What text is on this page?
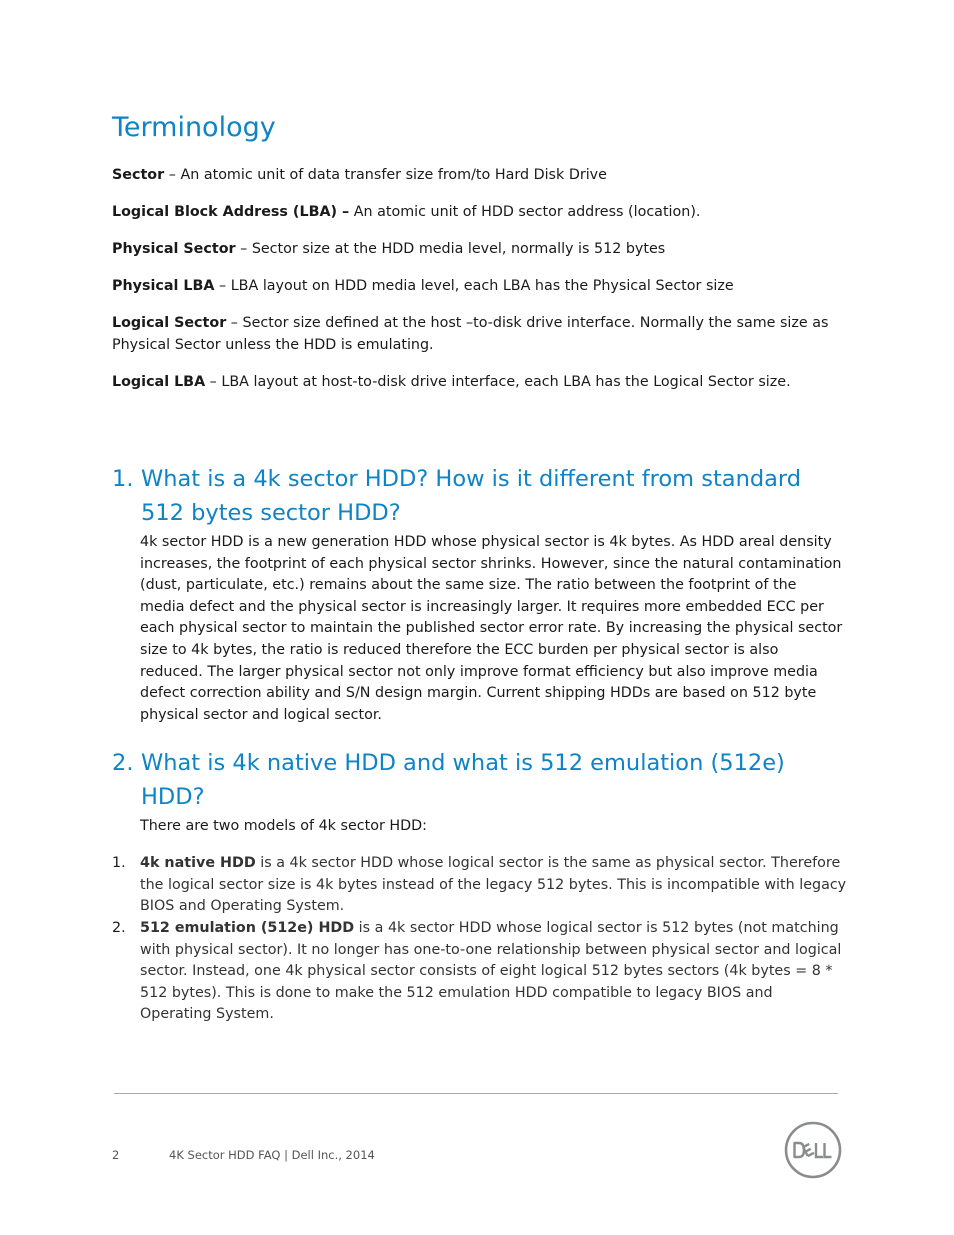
Terminology

Sector – An atomic unit of data transfer size from/to Hard Disk Drive

Logical Block Address (LBA) – An atomic unit of HDD sector address (location).

Physical Sector – Sector size at the HDD media level, normally is 512 bytes

Physical LBA – LBA layout on HDD media level, each LBA has the Physical Sector size

Logical Sector – Sector size defined at the host –to-disk drive interface. Normally the same size as Physical Sector unless the HDD is emulating.

Logical LBA – LBA layout at host-to-disk drive interface, each LBA has the Logical Sector size.

1. What is a 4k sector HDD? How is it different from standard 512 bytes sector HDD?

4k sector HDD is a new generation HDD whose physical sector is 4k bytes. As HDD areal density increases, the footprint of each physical sector shrinks. However, since the natural contamination (dust, particulate, etc.) remains about the same size. The ratio between the footprint of the media defect and the physical sector is increasingly larger. It requires more embedded ECC per each physical sector to maintain the published sector error rate. By increasing the physical sector size to 4k bytes, the ratio is reduced therefore the ECC burden per physical sector is also reduced. The larger physical sector not only improve format efficiency but also improve media defect correction ability and S/N design margin. Current shipping HDDs are based on 512 byte physical sector and logical sector.

2. What is 4k native HDD and what is 512 emulation (512e) HDD?

There are two models of 4k sector HDD:

1.	4k native HDD is a 4k sector HDD whose logical sector is the same as physical sector. Therefore the logical sector size is 4k bytes instead of the legacy 512 bytes. This is incompatible with legacy BIOS and Operating System.
2.	512 emulation (512e) HDD is a 4k sector HDD whose logical sector is 512 bytes (not matching with physical sector). It no longer has one-to-one relationship between physical sector and logical sector. Instead, one 4k physical sector consists of eight logical 512 bytes sectors (4k bytes = 8 * 512 bytes). This is done to make the 512 emulation HDD compatible to legacy BIOS and Operating System.
2	4K Sector HDD FAQ | Dell Inc., 2014
